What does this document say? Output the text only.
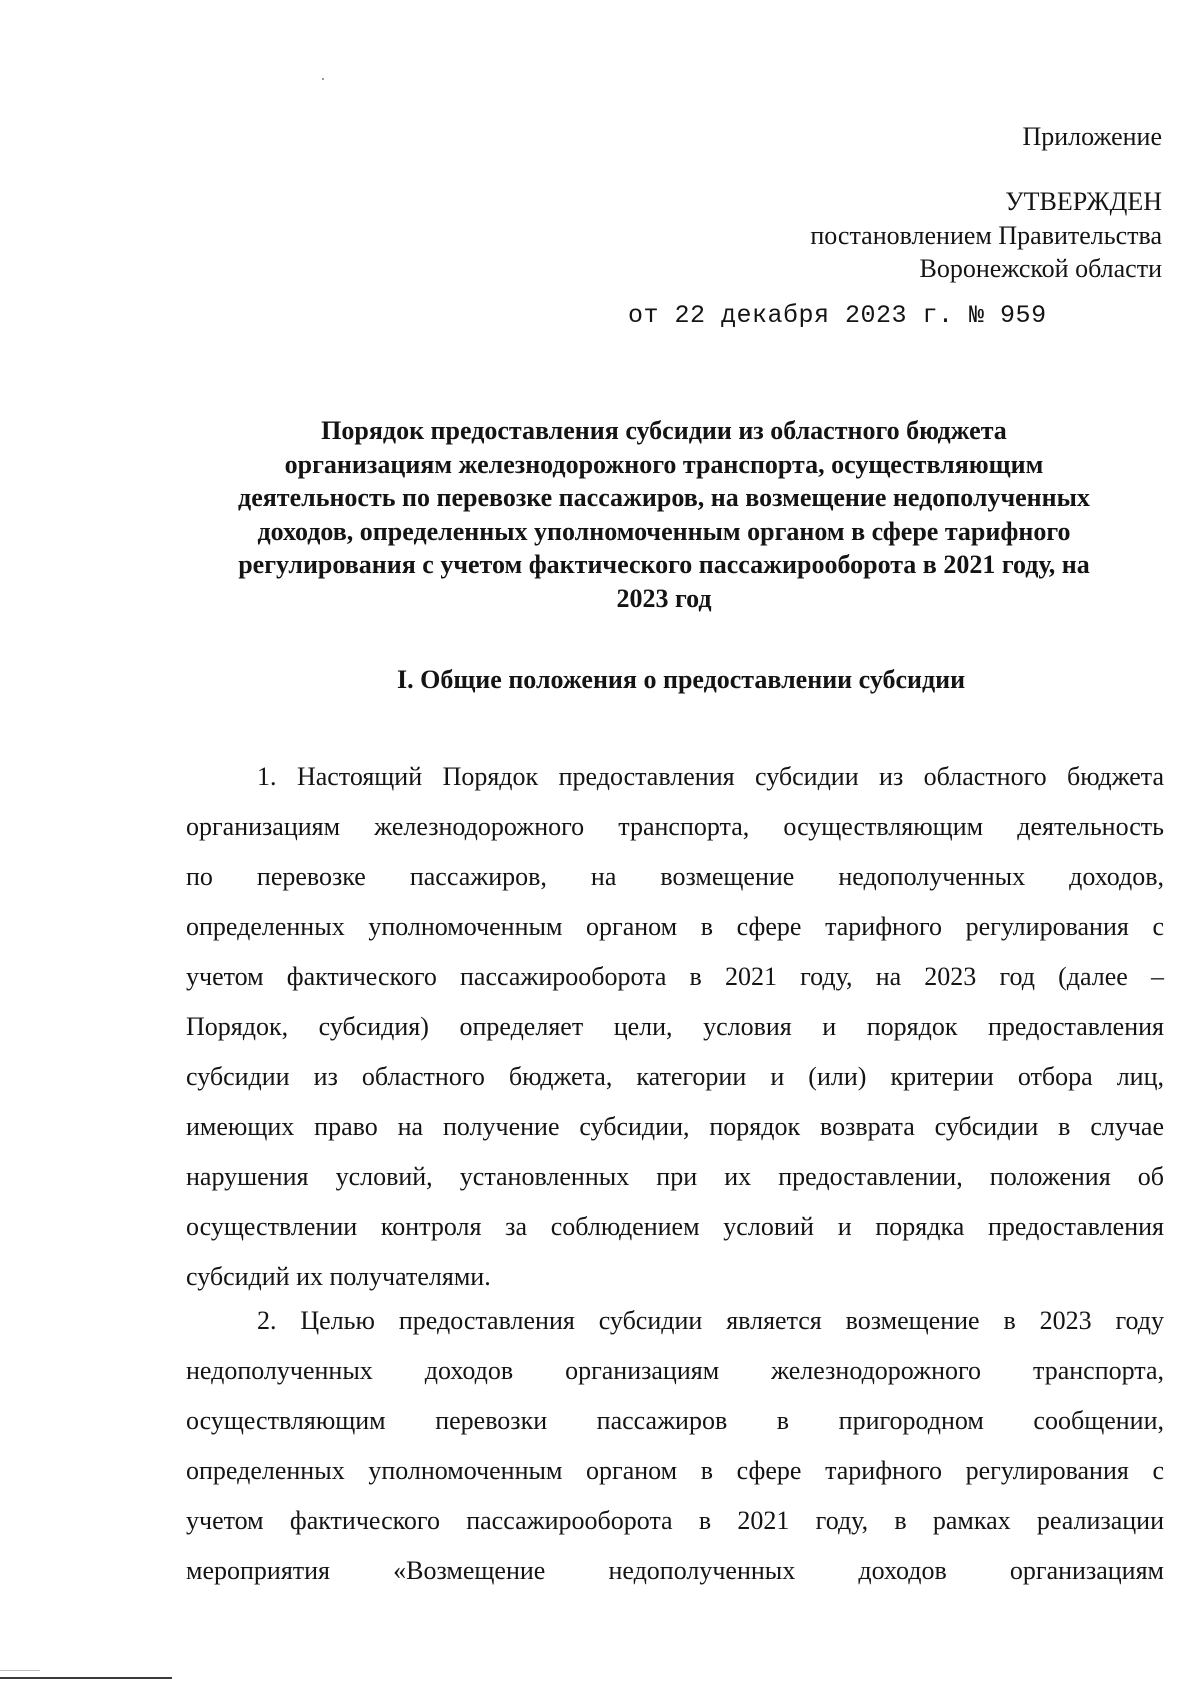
Приложение
УТВЕРЖДЕН
постановлением Правительства
Воронежской области
от 22 декабря 2023 г. № 959
Порядок предоставления субсидии из областного бюджета
организациям железнодорожного транспорта, осуществляющим
деятельность по перевозке пассажиров, на возмещение недополученных
доходов, определенных уполномоченным органом в сфере тарифного
регулирования с учетом фактического пассажирооборота в 2021 году, на
2023 год
I. Общие положения о предоставлении субсидии
1. Настоящий Порядок предоставления субсидии из областного бюджета
организациям железнодорожного транспорта, осуществляющим деятельность
по перевозке пассажиров, на возмещение недополученных доходов,
определенных уполномоченным органом в сфере тарифного регулирования с
учетом фактического пассажирооборота в 2021 году, на 2023 год (далее –
Порядок, субсидия) определяет цели, условия и порядок предоставления
субсидии из областного бюджета, категории и (или) критерии отбора лиц,
имеющих право на получение субсидии, порядок возврата субсидии в случае
нарушения условий, установленных при их предоставлении, положения об
осуществлении контроля за соблюдением условий и порядка предоставления
субсидий их получателями.
2. Целью предоставления субсидии является возмещение в 2023 году
недополученных доходов организациям железнодорожного транспорта,
осуществляющим перевозки пассажиров в пригородном сообщении,
определенных уполномоченным органом в сфере тарифного регулирования с
учетом фактического пассажирооборота в 2021 году, в рамках реализации
мероприятия «Возмещение недополученных доходов организациям
